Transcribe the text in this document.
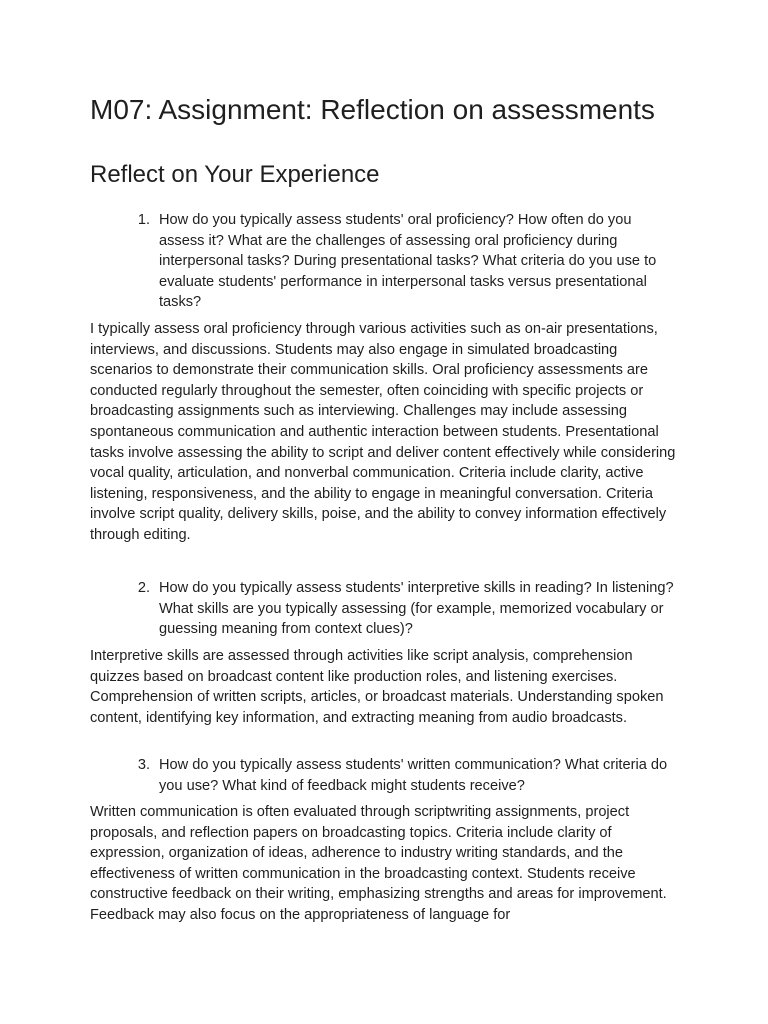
M07: Assignment: Reflection on assessments
Reflect on Your Experience
1. How do you typically assess students' oral proficiency? How often do you assess it? What are the challenges of assessing oral proficiency during interpersonal tasks? During presentational tasks? What criteria do you use to evaluate students' performance in interpersonal tasks versus presentational tasks?

I typically assess oral proficiency through various activities such as on-air presentations, interviews, and discussions. Students may also engage in simulated broadcasting scenarios to demonstrate their communication skills. Oral proficiency assessments are conducted regularly throughout the semester, often coinciding with specific projects or broadcasting assignments such as interviewing. Challenges may include assessing spontaneous communication and authentic interaction between students. Presentational tasks involve assessing the ability to script and deliver content effectively while considering vocal quality, articulation, and nonverbal communication. Criteria include clarity, active listening, responsiveness, and the ability to engage in meaningful conversation. Criteria involve script quality, delivery skills, poise, and the ability to convey information effectively through editing.

2. How do you typically assess students' interpretive skills in reading? In listening? What skills are you typically assessing (for example, memorized vocabulary or guessing meaning from context clues)?

Interpretive skills are assessed through activities like script analysis, comprehension quizzes based on broadcast content like production roles, and listening exercises. Comprehension of written scripts, articles, or broadcast materials. Understanding spoken content, identifying key information, and extracting meaning from audio broadcasts.

3. How do you typically assess students' written communication? What criteria do you use? What kind of feedback might students receive?

Written communication is often evaluated through scriptwriting assignments, project proposals, and reflection papers on broadcasting topics. Criteria include clarity of expression, organization of ideas, adherence to industry writing standards, and the effectiveness of written communication in the broadcasting context. Students receive constructive feedback on their writing, emphasizing strengths and areas for improvement. Feedback may also focus on the appropriateness of language for
